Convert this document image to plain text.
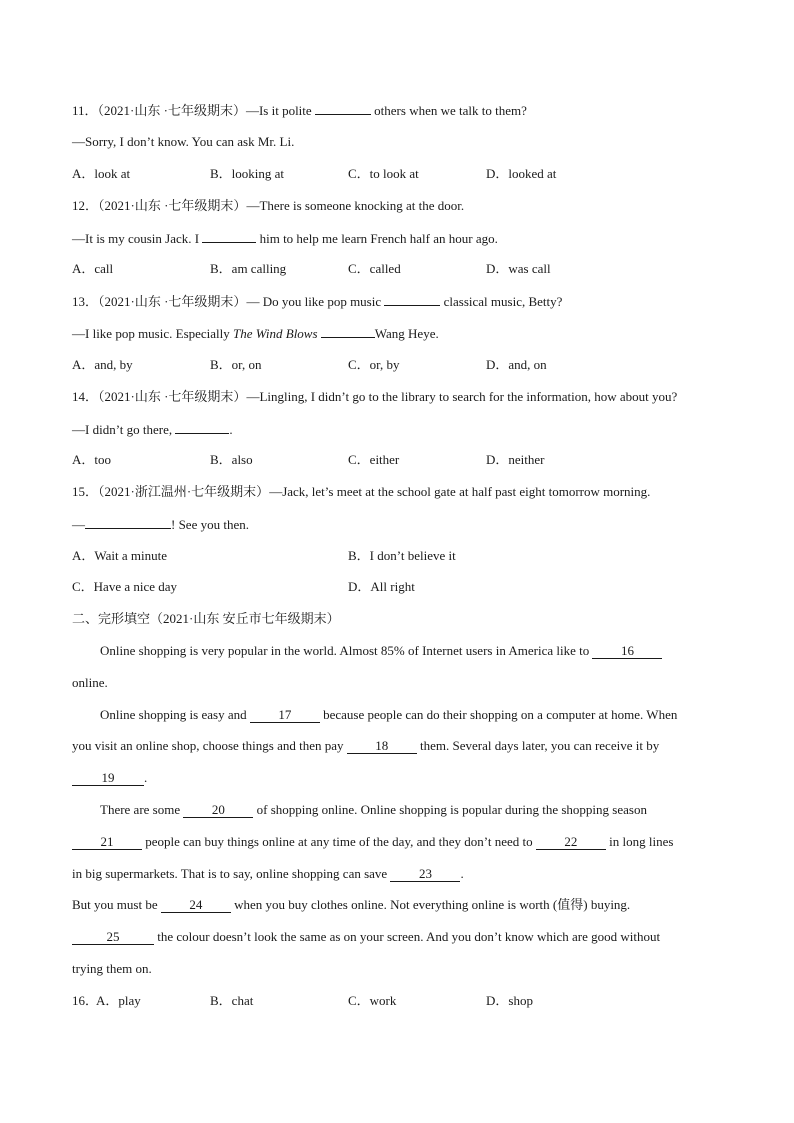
11．（2021·山东 ·七年级期末）—Is it polite	others when we talk to them?
—Sorry, I don’t know. You can ask Mr. Li.
A．look at	B．looking at	C．to look at	D．looked at
12．（2021·山东 ·七年级期末）—There is someone knocking at the door.
—It is my cousin Jack. I	him to help me learn French half an hour ago.
A．call	B．am calling	C．called	D．was call
13．（2021·山东 ·七年级期末）— Do you like pop music	classical music, Betty?
—I like pop music. Especially The Wind Blows	Wang Heye.
A．and, by	B．or, on	C．or, by	D．and, on
14．（2021·山东 ·七年级期末）—Lingling, I didn’t go to the library to search for the information, how about you?
—I didn’t go there,	.
A．too	B．also	C．either	D．neither
15．（2021·浙江温州·七年级期末）—Jack, let’s meet at the school gate at half past eight tomorrow morning.
—	! See you then.
A．Wait a minute	B．I don’t believe it
C．Have a nice day	D．All right
二、完形填空（2021·山东 安丘市七年级期末）
Online shopping is very popular in the world. Almost 85% of Internet users in America like to 16
online.
Online shopping is easy and 17 because people can do their shopping on a computer at home. When
you visit an online shop, choose things and then pay 18 them. Several days later, you can receive it by
19 .
There are some 20 of shopping online. Online shopping is popular during the shopping season
21 people can buy things online at any time of the day, and they don’t need to 22 in long lines
in big supermarkets. That is to say, online shopping can save 23 .
But you must be 24 when you buy clothes online. Not everything online is worth (值得) buying.
25	the colour doesn’t look the same as on your screen. And you don’t know which are good without
trying them on.
16．
A．play	B．chat	C．work	D．shop
